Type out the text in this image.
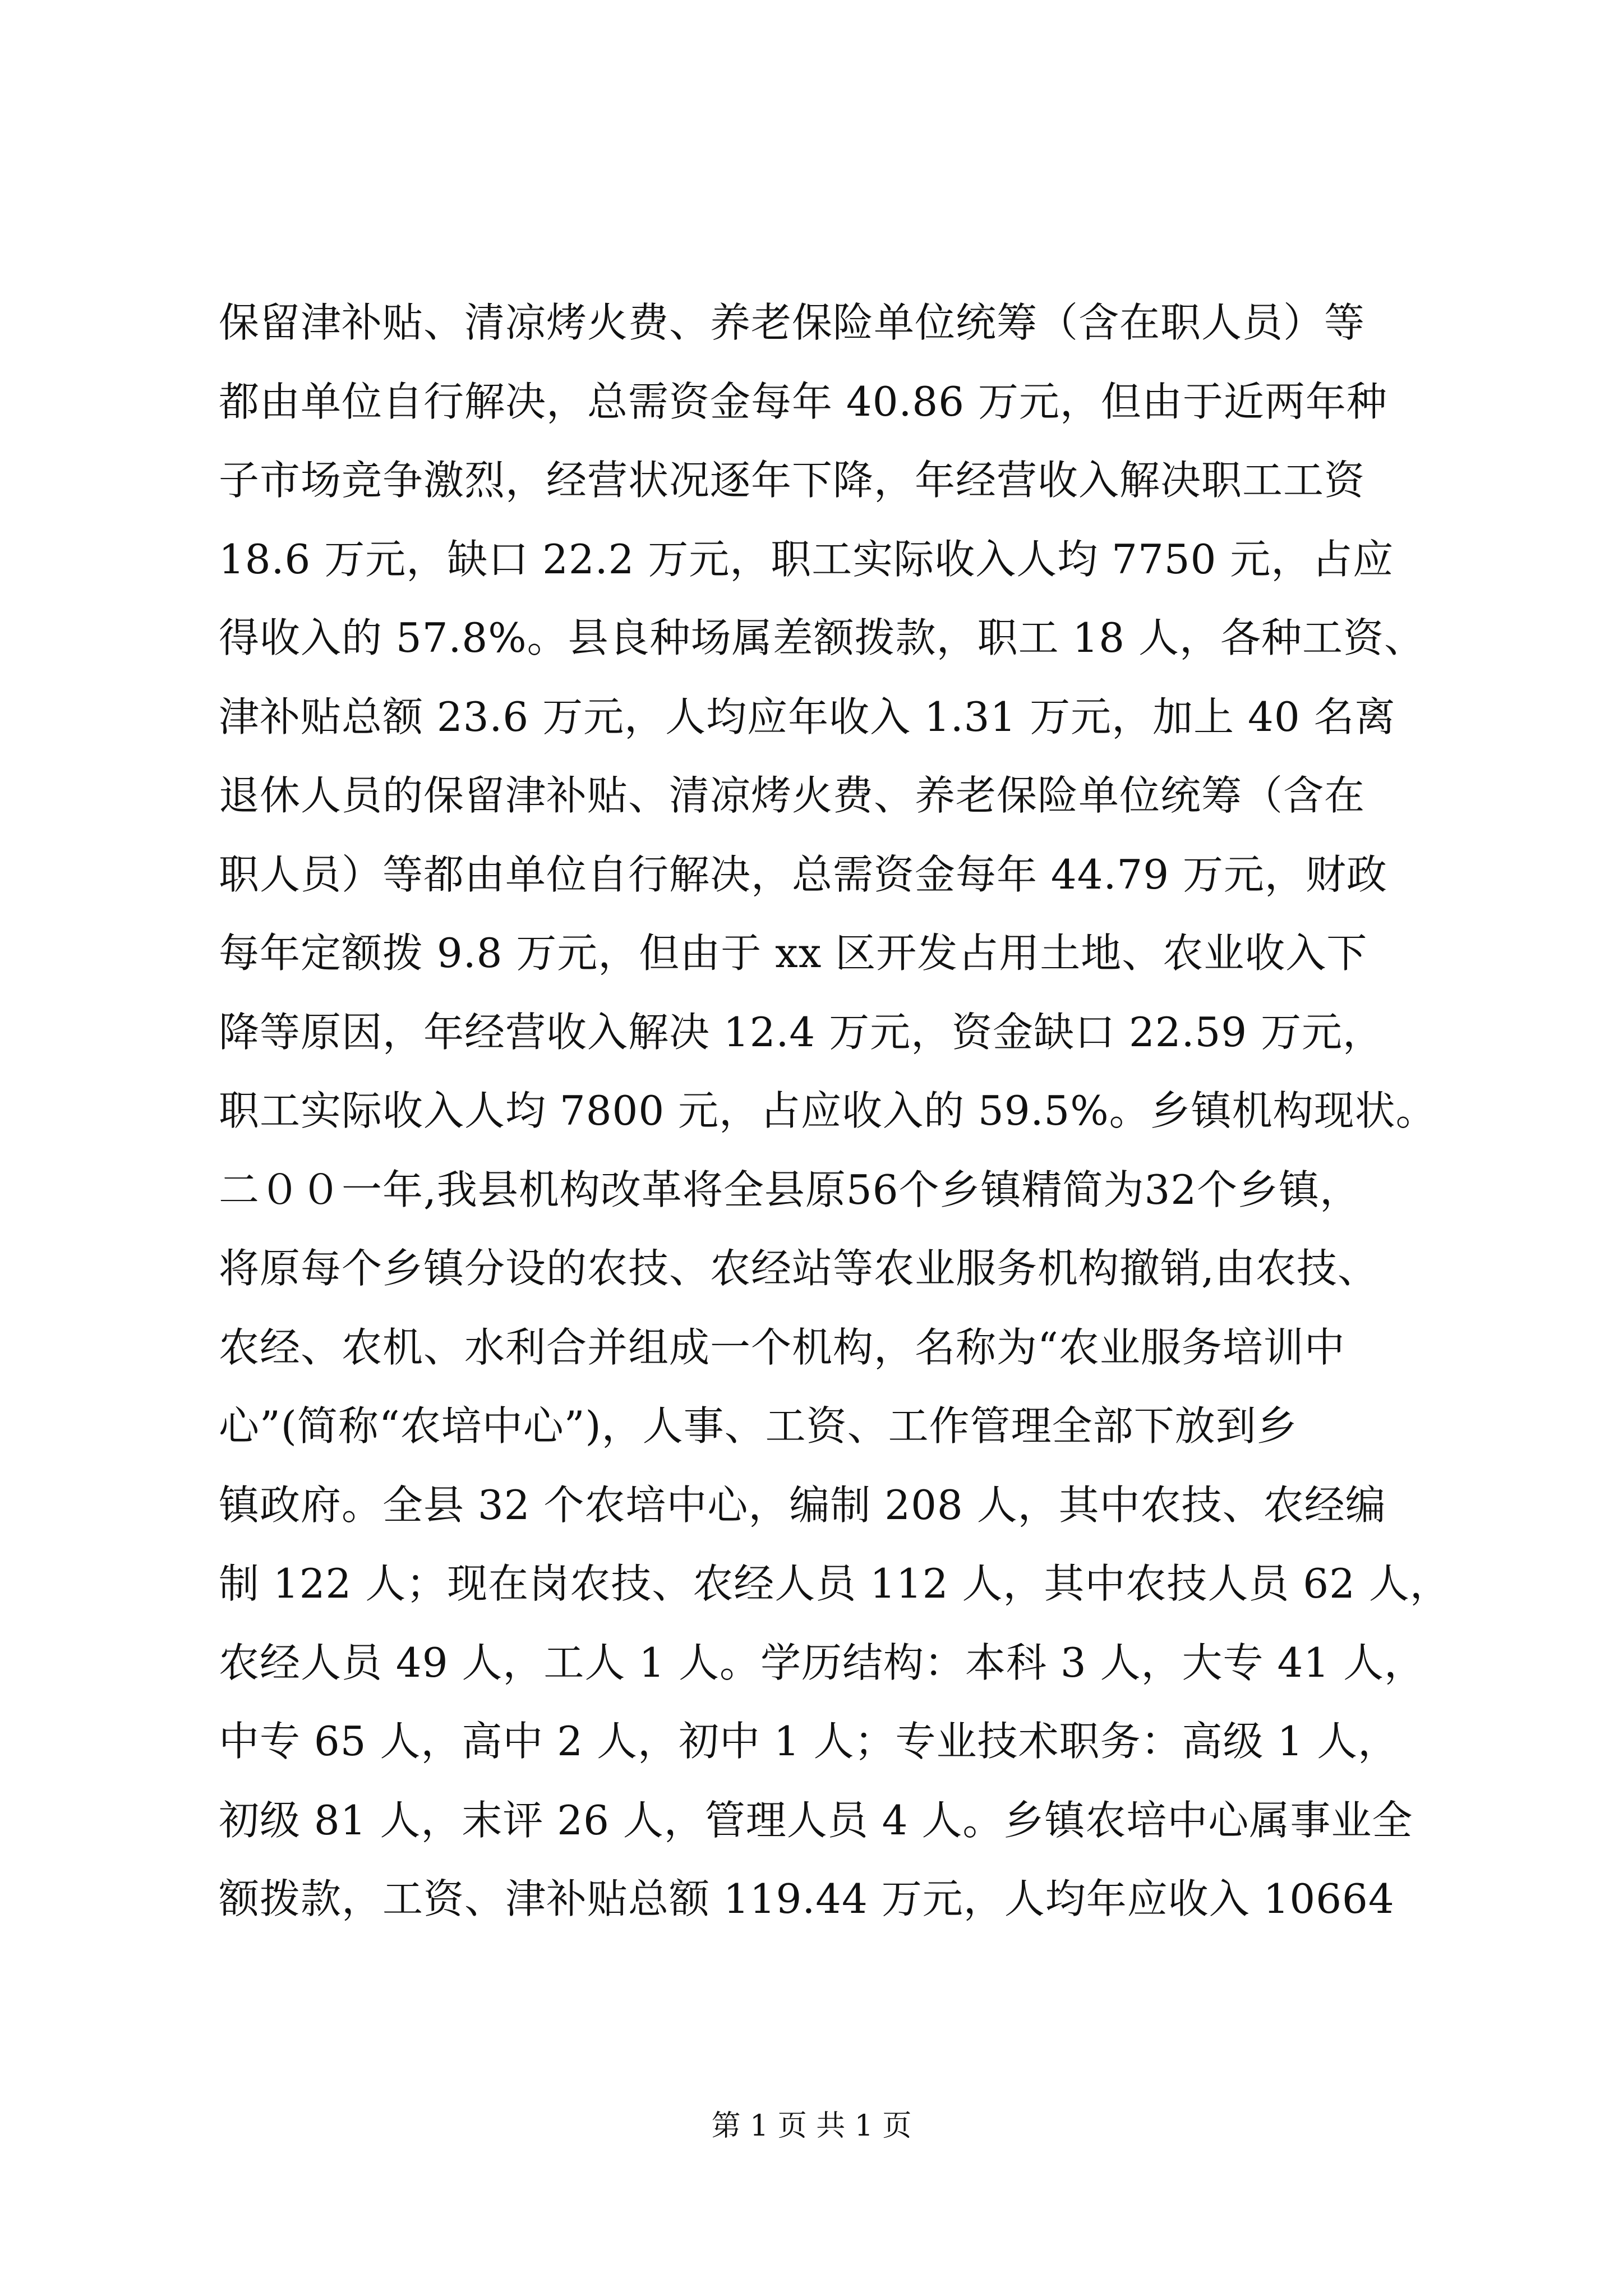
保留津补贴、清凉烤火费、养老保险单位统筹（含在职人员）等
都由单位自行解决，总需资金每年 40.86 万元，但由于近两年种
子市场竞争激烈，经营状况逐年下降，年经营收入解决职工工资
18.6 万元，缺口 22.2 万元，职工实际收入人均 7750 元，占应
得收入的 57.8%。县良种场属差额拨款，职工 18 人，各种工资、
津补贴总额 23.6 万元，人均应年收入 1.31 万元，加上 40 名离
退休人员的保留津补贴、清凉烤火费、养老保险单位统筹（含在
职人员）等都由单位自行解决，总需资金每年 44.79 万元，财政
每年定额拨 9.8 万元，但由于 xx 区开发占用土地、农业收入下
降等原因，年经营收入解决 12.4 万元，资金缺口 22.59 万元，
职工实际收入人均 7800 元，占应收入的 59.5%。乡镇机构现状。
二００一年,我县机构改革将全县原56个乡镇精简为32个乡镇，
将原每个乡镇分设的农技、农经站等农业服务机构撤销,由农技、
农经、农机、水利合并组成一个机构，名称为“农业服务培训中
心”(简称“农培中心”)，人事、工资、工作管理全部下放到乡
镇政府。全县 32 个农培中心，编制 208 人，其中农技、农经编
制 122 人；现在岗农技、农经人员 112 人，其中农技人员 62 人，
农经人员 49 人，工人 1 人。学历结构：本科 3 人，大专 41 人，
中专 65 人，高中 2 人，初中 1 人；专业技术职务：高级 1 人，
初级 81 人，末评 26 人，管理人员 4 人。乡镇农培中心属事业全
额拨款，工资、津补贴总额 119.44 万元，人均年应收入 10664
第 1 页 共 1 页
